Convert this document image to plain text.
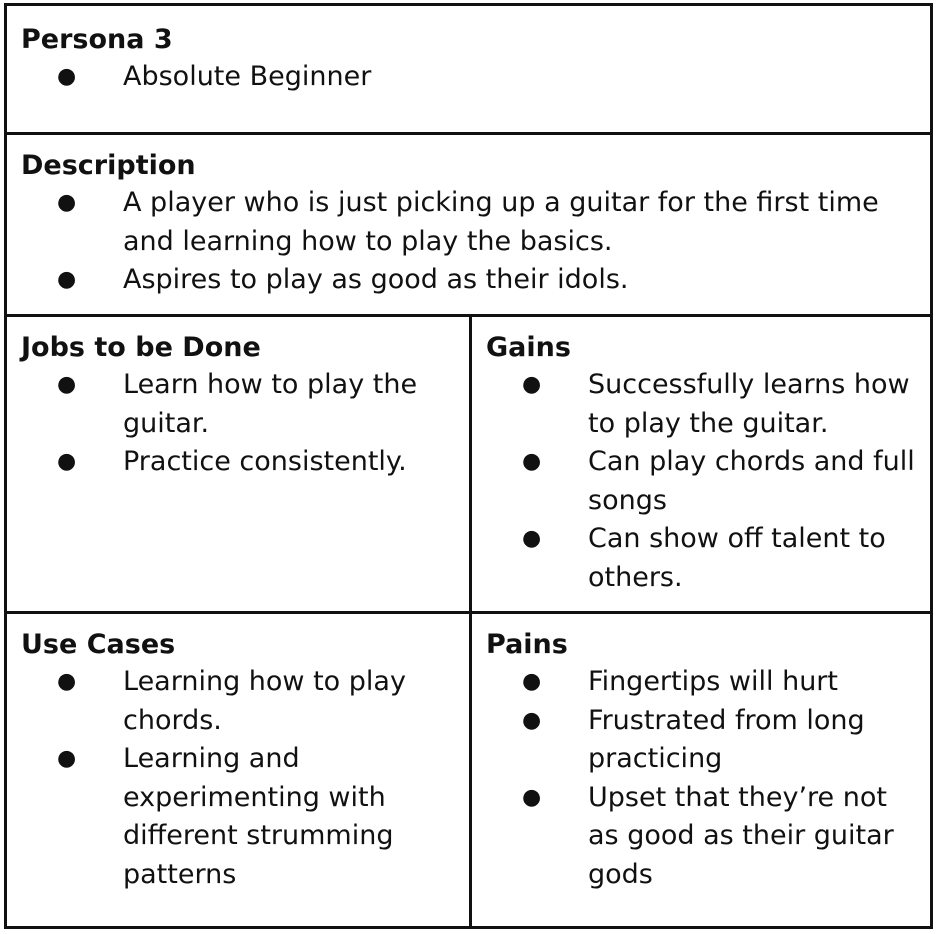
Persona 3
● Absolute Beginner
Description
● A player who is just picking up a guitar for the first time and learning how to play the basics.
● Aspires to play as good as their idols.
Jobs to be Done
● Learn how to play the guitar.
● Practice consistently.
Gains
● Successfully learns how to play the guitar.
● Can play chords and full songs
● Can show off talent to others.
Use Cases
● Learning how to play chords.
● Learning and experimenting with different strumming patterns
Pains
● Fingertips will hurt
● Frustrated from long practicing
● Upset that they’re not as good as their guitar gods
